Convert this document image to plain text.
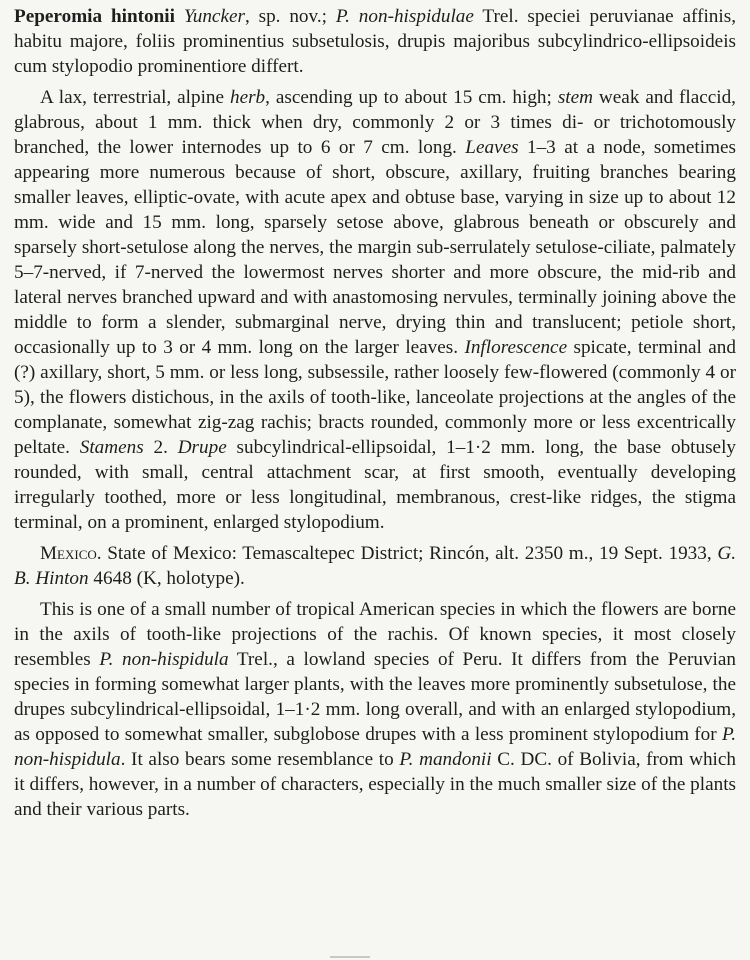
Peperomia hintonii Yuncker, sp. nov.; P. non-hispidulae Trel. speciei peruvianae affinis, habitu majore, foliis prominentius subsetulosis, drupis majoribus subcylindrico-ellipsoideis cum stylopodio prominentiore differt.

A lax, terrestrial, alpine herb, ascending up to about 15 cm. high; stem weak and flaccid, glabrous, about 1 mm. thick when dry, commonly 2 or 3 times di- or trichotomously branched, the lower internodes up to 6 or 7 cm. long. Leaves 1–3 at a node, sometimes appearing more numerous because of short, obscure, axillary, fruiting branches bearing smaller leaves, elliptic-ovate, with acute apex and obtuse base, varying in size up to about 12 mm. wide and 15 mm. long, sparsely setose above, glabrous beneath or obscurely and sparsely short-setulose along the nerves, the margin sub-serrulately setulose-ciliate, palmately 5–7-nerved, if 7-nerved the lowermost nerves shorter and more obscure, the mid-rib and lateral nerves branched upward and with anastomosing nervules, terminally joining above the middle to form a slender, submarginal nerve, drying thin and translucent; petiole short, occasionally up to 3 or 4 mm. long on the larger leaves. Inflorescence spicate, terminal and (?) axillary, short, 5 mm. or less long, subsessile, rather loosely few-flowered (commonly 4 or 5), the flowers distichous, in the axils of tooth-like, lanceolate projections at the angles of the complanate, somewhat zig-zag rachis; bracts rounded, commonly more or less excentrically peltate. Stamens 2. Drupe subcylindrical-ellipsoidal, 1–1·2 mm. long, the base obtusely rounded, with small, central attachment scar, at first smooth, eventually developing irregularly toothed, more or less longitudinal, membranous, crest-like ridges, the stigma terminal, on a prominent, enlarged stylopodium.

Mexico. State of Mexico: Temascaltepec District; Rincón, alt. 2350 m., 19 Sept. 1933, G. B. Hinton 4648 (K, holotype).

This is one of a small number of tropical American species in which the flowers are borne in the axils of tooth-like projections of the rachis. Of known species, it most closely resembles P. non-hispidula Trel., a lowland species of Peru. It differs from the Peruvian species in forming somewhat larger plants, with the leaves more prominently subsetulose, the drupes subcylindrical-ellipsoidal, 1–1·2 mm. long overall, and with an enlarged stylopodium, as opposed to somewhat smaller, subglobose drupes with a less prominent stylopodium for P. non-hispidula. It also bears some resemblance to P. mandonii C. DC. of Bolivia, from which it differs, however, in a number of characters, especially in the much smaller size of the plants and their various parts.
